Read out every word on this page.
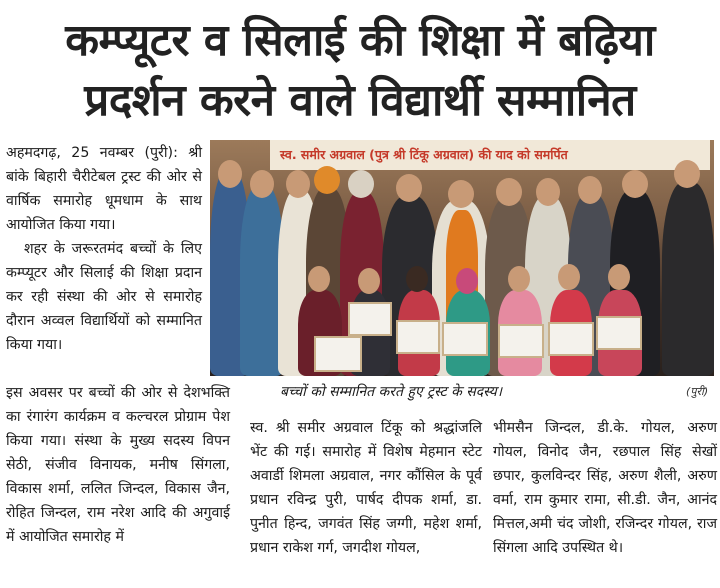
कम्प्यूटर व सिलाई की शिक्षा में बढ़िया
प्रदर्शन करने वाले विद्यार्थी सम्मानित

अहमदगढ़, 25 नवम्बर (पुरी): श्री बांके बिहारी चैरीटेबल ट्रस्ट की ओर से वार्षिक समारोह धूमधाम के साथ आयोजित किया गया।

शहर के जरूरतमंद बच्चों के लिए कम्प्यूटर और सिलाई की शिक्षा प्रदान कर रही संस्था की ओर से समारोह दौरान अव्वल विद्यार्थियों को सम्मानित किया गया।

इस अवसर पर बच्चों की ओर से देशभक्ति का रंगारंग कार्यक्रम व कल्चरल प्रोग्राम पेश किया गया। संस्था के मुख्य सदस्य विपन सेठी, संजीव विनायक, मनीष सिंगला, विकास शर्मा, ललित जिन्दल, विकास जैन, रोहित जिन्दल, राम नरेश आदि की अगुवाई में आयोजित समारोह में

स्व. समीर अग्रवाल (पुत्र श्री टिंकू अग्रवाल) की याद को समर्पित
बच्चों को सम्मानित करते हुए ट्रस्ट के सदस्य।	(पुरी)

स्व. श्री समीर अग्रवाल टिंकू को श्रद्धांजलि भेंट की गई। समारोह में विशेष मेहमान स्टेट अवार्डी शिमला अग्रवाल, नगर कौंसिल के पूर्व प्रधान रविन्द्र पुरी, पार्षद दीपक शर्मा, डा. पुनीत हिन्द, जगवंत सिंह जग्गी, महेश शर्मा, प्रधान राकेश गर्ग, जगदीश गोयल,

भीमसैन जिन्दल, डी.के. गोयल, अरुण गोयल, विनोद जैन, रछपाल सिंह सेखों छपार, कुलविन्दर सिंह, अरुण शैली, अरुण वर्मा, राम कुमार रामा, सी.डी. जैन, आनंद मित्तल,अमी चंद जोशी, रजिन्दर गोयल, राज सिंगला आदि उपस्थित थे।
